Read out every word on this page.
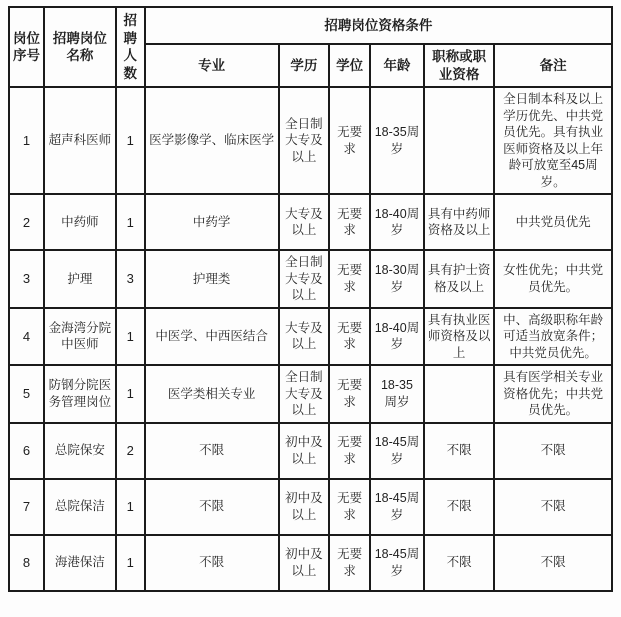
岗位序号	招聘岗位名称	招聘人数	招聘岗位资格条件					
			专业	学历	学位	年龄	职称或职业资格	备注
1	超声科医师	1	医学影像学、临床医学	全日制大专及以上	无要求	18-35周岁		全日制本科及以上学历优先、中共党员优先。具有执业医师资格及以上年龄可放宽至45周岁。
2	中药师	1	中药学	大专及以上	无要求	18-40周岁	具有中药师资格及以上	中共党员优先
3	护理	3	护理类	全日制大专及以上	无要求	18-30周岁	具有护士资格及以上	女性优先；中共党员优先。
4	金海湾分院中医师	1	中医学、中西医结合	大专及以上	无要求	18-40周岁	具有执业医师资格及以上	中、高级职称年龄可适当放宽条件；中共党员优先。
5	防钢分院医务管理岗位	1	医学类相关专业	全日制大专及以上	无要求	18-35 周岁		具有医学相关专业资格优先；中共党员优先。
6	总院保安	2	不限	初中及以上	无要求	18-45周岁	不限	不限
7	总院保洁	1	不限	初中及以上	无要求	18-45周岁	不限	不限
8	海港保洁	1	不限	初中及以上	无要求	18-45周岁	不限	不限
